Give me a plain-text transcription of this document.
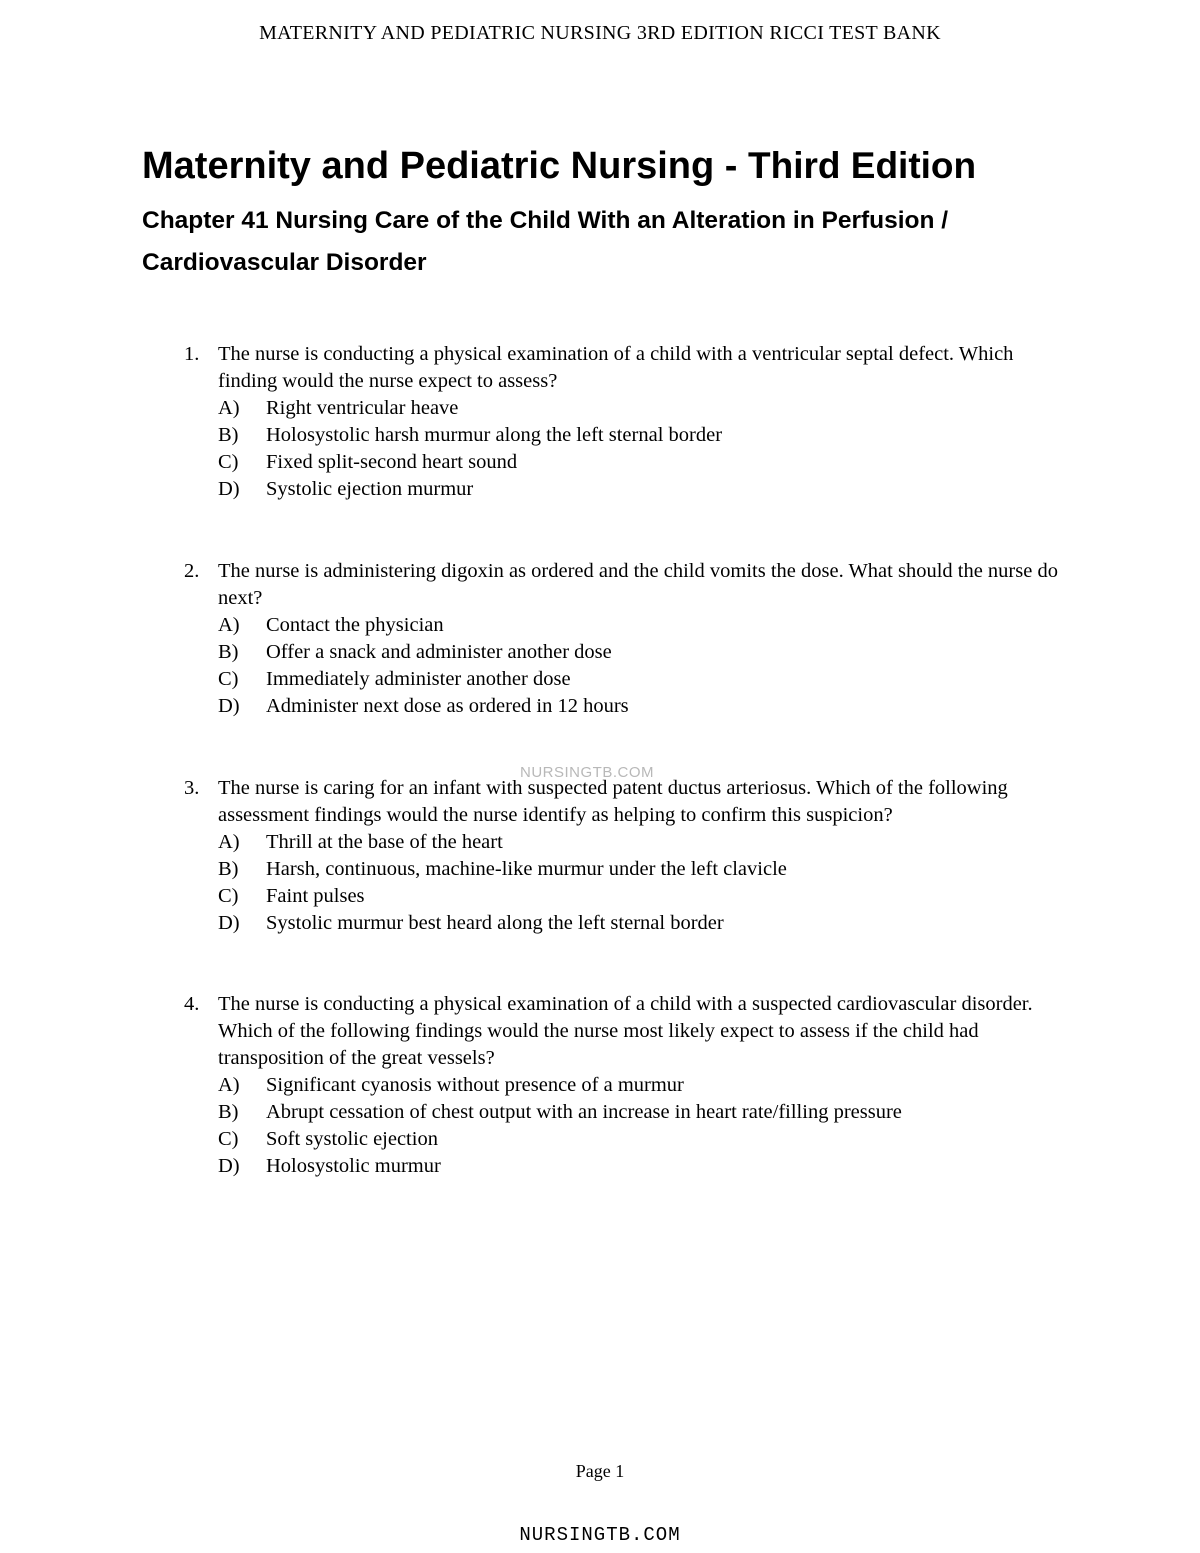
MATERNITY AND PEDIATRIC NURSING 3RD EDITION RICCI TEST BANK
Maternity and Pediatric Nursing - Third Edition
Chapter 41 Nursing Care of the Child With an Alteration in Perfusion / Cardiovascular Disorder
1. The nurse is conducting a physical examination of a child with a ventricular septal defect. Which finding would the nurse expect to assess?
A) Right ventricular heave
B) Holosystolic harsh murmur along the left sternal border
C) Fixed split-second heart sound
D) Systolic ejection murmur
2. The nurse is administering digoxin as ordered and the child vomits the dose. What should the nurse do next?
A) Contact the physician
B) Offer a snack and administer another dose
C) Immediately administer another dose
D) Administer next dose as ordered in 12 hours
3. The nurse is caring for an infant with suspected patent ductus arteriosus. Which of the following assessment findings would the nurse identify as helping to confirm this suspicion?
A) Thrill at the base of the heart
B) Harsh, continuous, machine-like murmur under the left clavicle
C) Faint pulses
D) Systolic murmur best heard along the left sternal border
4. The nurse is conducting a physical examination of a child with a suspected cardiovascular disorder. Which of the following findings would the nurse most likely expect to assess if the child had transposition of the great vessels?
A) Significant cyanosis without presence of a murmur
B) Abrupt cessation of chest output with an increase in heart rate/filling pressure
C) Soft systolic ejection
D) Holosystolic murmur
NURSINGTB.COM
Page 1
NURSINGTB.COM
